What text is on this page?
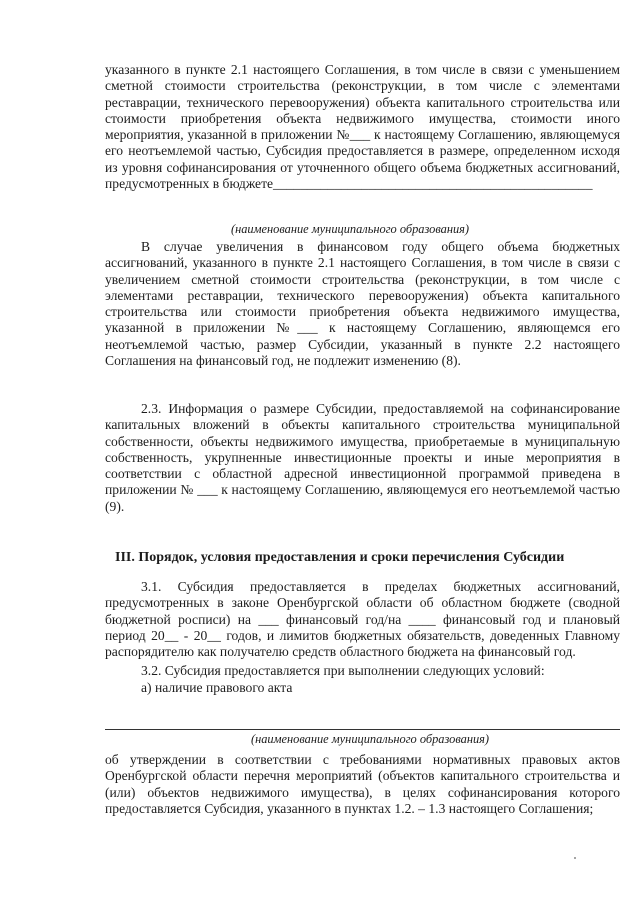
указанного в пункте 2.1 настоящего Соглашения, в том числе в связи с уменьшением сметной стоимости строительства (реконструкции, в том числе с элементами реставрации, технического перевооружения) объекта капитального строительства или стоимости приобретения объекта недвижимого имущества, стоимости иного мероприятия, указанной в приложении №___ к настоящему Соглашению, являющемуся его неотъемлемой частью, Субсидия предоставляется в размере, определенном исходя из уровня софинансирования от уточненного общего объема бюджетных ассигнований, предусмотренных в бюджете_______________________________________________

(наименование муниципального образования)

В случае увеличения в финансовом году общего объема бюджетных ассигнований, указанного в пункте 2.1 настоящего Соглашения, в том числе в связи с увеличением сметной стоимости строительства (реконструкции, в том числе с элементами реставрации, технического перевооружения) объекта капитального строительства или стоимости приобретения объекта недвижимого имущества, указанной в приложении №___ к настоящему Соглашению, являющемся его неотъемлемой частью, размер Субсидии, указанный в пункте 2.2 настоящего Соглашения на финансовый год, не подлежит изменению (8).

2.3. Информация о размере Субсидии, предоставляемой на софинансирование капитальных вложений в объекты капитального строительства муниципальной собственности, объекты недвижимого имущества, приобретаемые в муниципальную собственность, укрупненные инвестиционные проекты и иные мероприятия в соответствии с областной адресной инвестиционной программой приведена в приложении № ___ к настоящему Соглашению, являющемуся его неотъемлемой частью (9).

III. Порядок, условия предоставления и сроки перечисления Субсидии

3.1. Субсидия предоставляется в пределах бюджетных ассигнований, предусмотренных в законе Оренбургской области об областном бюджете (сводной бюджетной росписи) на ___ финансовый год/на ____ финансовый год и плановый период 20__ - 20__ годов, и лимитов бюджетных обязательств, доведенных Главному распорядителю как получателю средств областного бюджета на финансовый год.

3.2. Субсидия предоставляется при выполнении следующих условий:

а) наличие правового акта

(наименование муниципального образования)

об утверждении в соответствии с требованиями нормативных правовых актов Оренбургской области перечня мероприятий (объектов капитального строительства и (или) объектов недвижимого имущества), в целях софинансирования которого предоставляется Субсидия, указанного в пунктах 1.2. – 1.3 настоящего Соглашения;
